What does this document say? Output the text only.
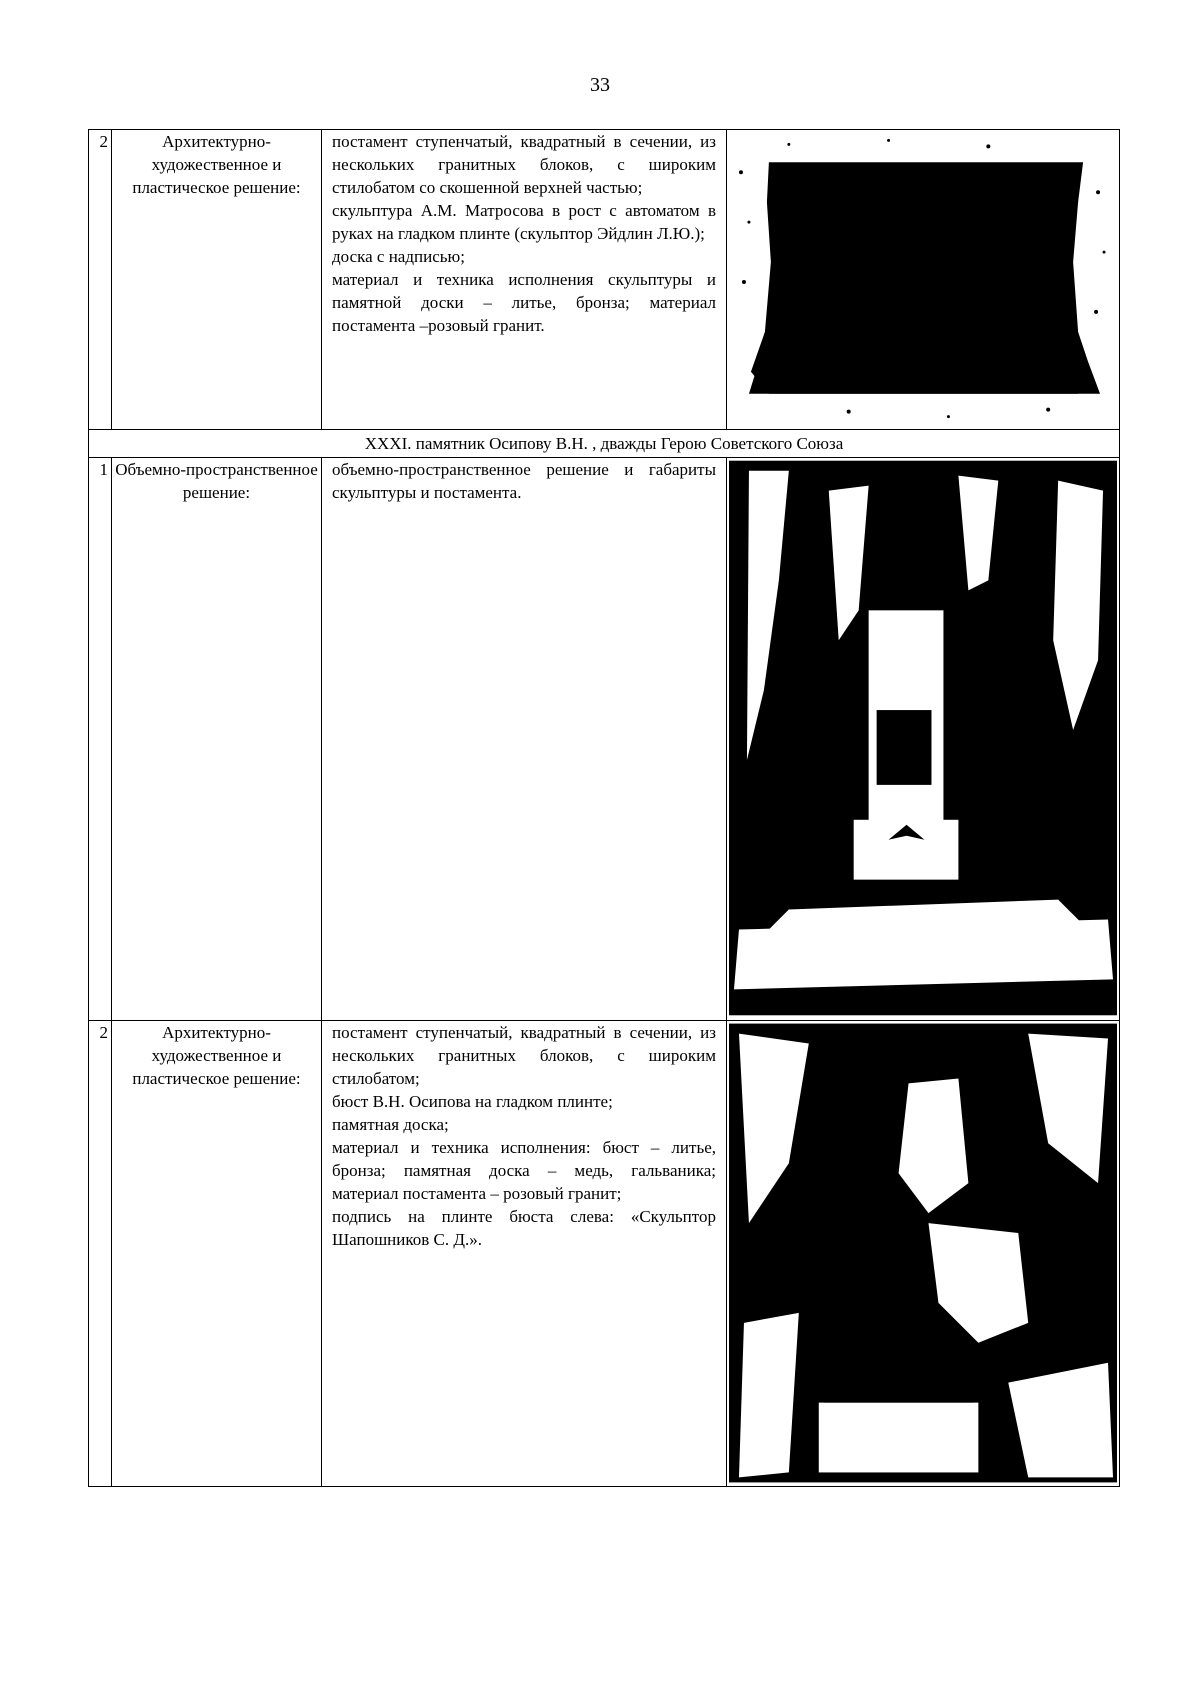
33
2	Архитектурно-художественное и пластическое решение:	постамент ступенчатый, квадратный в сечении, из нескольких гранитных блоков, с широким стилобатом со скошенной верхней частью;
скульптура А.М. Матросова в рост с автоматом в руках на гладком плинте (скульптор Эйдлин Л.Ю.);
доска с надписью;
материал и техника исполнения скульптуры и памятной доски – литье, бронза; материал постамента –розовый гранит.

XXXI. памятник Осипову В.Н. , дважды Герою Советского Союза			
1	Объемно-пространственное решение:	объемно-пространственное решение и габариты скульптуры и постамента.

2	Архитектурно-художественное и пластическое решение:	постамент ступенчатый, квадратный в сечении, из нескольких гранитных блоков, с широким стилобатом;
бюст В.Н. Осипова на гладком плинте;
памятная доска;
материал и техника исполнения: бюст – литье, бронза; памятная доска – медь, гальваника; материал постамента – розовый гранит;
подпись на плинте бюста слева: «Скульптор Шапошников С. Д.».
